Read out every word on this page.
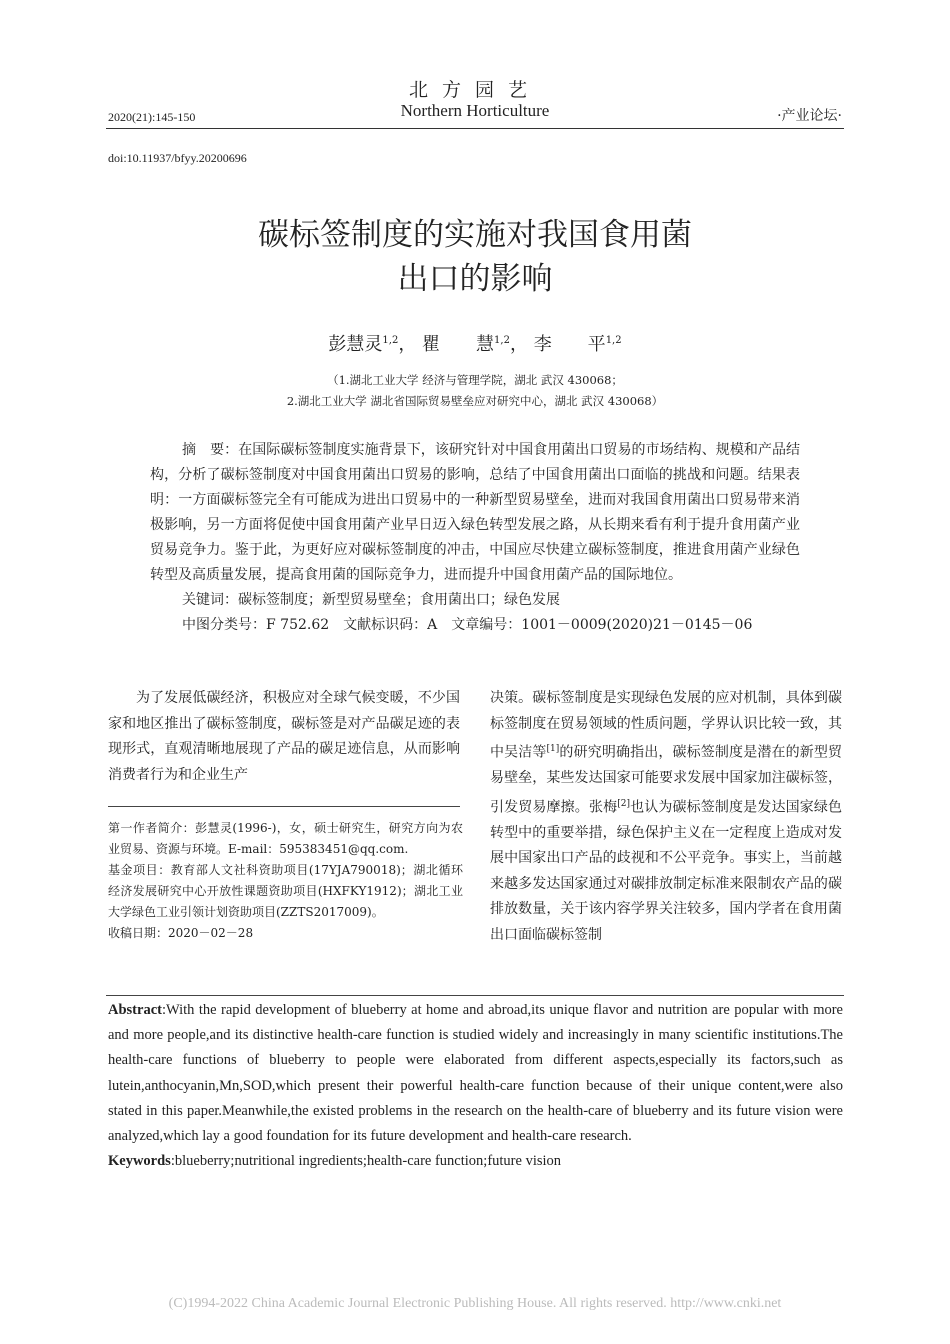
北方园艺
Northern Horticulture
2020(21):145-150	·产业论坛·
doi:10.11937/bfyy.20200696
碳标签制度的实施对我国食用菌
出口的影响
彭慧灵$^{1,2}$， 瞿　　慧$^{1,2}$， 李　　平$^{1,2}$
（1.湖北工业大学 经济与管理学院，湖北 武汉 430068；
2.湖北工业大学 湖北省国际贸易壁垒应对研究中心，湖北 武汉 430068）

摘　要：在国际碳标签制度实施背景下，该研究针对中国食用菌出口贸易的市场结构、规模和产品结构，分析了碳标签制度对中国食用菌出口贸易的影响，总结了中国食用菌出口面临的挑战和问题。结果表明：一方面碳标签完全有可能成为进出口贸易中的一种新型贸易壁垒，进而对我国食用菌出口贸易带来消极影响，另一方面将促使中国食用菌产业早日迈入绿色转型发展之路，从长期来看有利于提升食用菌产业贸易竞争力。鉴于此，为更好应对碳标签制度的冲击，中国应尽快建立碳标签制度，推进食用菌产业绿色转型及高质量发展，提高食用菌的国际竞争力，进而提升中国食用菌产品的国际地位。

关键词：碳标签制度；新型贸易壁垒；食用菌出口；绿色发展

中图分类号：F 752.62　 文献标识码：A　 文章编号：1001－0009(2020)21－0145－06

为了发展低碳经济，积极应对全球气候变暖，不少国家和地区推出了碳标签制度，碳标签是对产品碳足迹的表现形式，直观清晰地展现了产品的碳足迹信息，从而影响消费者行为和企业生产

第一作者简介：彭慧灵(1996-)，女，硕士研究生，研究方向为农业贸易、资源与环境。E-mail：595383451@qq.com.

基金项目：教育部人文社科资助项目(17YJA790018)；湖北循环经济发展研究中心开放性课题资助项目(HXFKY1912)；湖北工业大学绿色工业引领计划资助项目(ZZTS2017009)。

收稿日期：2020－02－28

决策。碳标签制度是实现绿色发展的应对机制，具体到碳标签制度在贸易领域的性质问题，学界认识比较一致，其中吴洁等[1]的研究明确指出，碳标签制度是潜在的新型贸易壁垒，某些发达国家可能要求发展中国家加注碳标签，引发贸易摩擦。张梅[2]也认为碳标签制度是发达国家绿色转型中的重要举措，绿色保护主义在一定程度上造成对发展中国家出口产品的歧视和不公平竞争。事实上，当前越来越多发达国家通过对碳排放制定标准来限制农产品的碳排放数量，关于该内容学界关注较多，国内学者在食用菌出口面临碳标签制

Abstract:With the rapid development of blueberry at home and abroad,its unique flavor and nutrition are popular with more and more people,and its distinctive health-care function is studied widely and increasingly in many scientific institutions.The health-care functions of blueberry to people were elaborated from different aspects,especially its factors,such as lutein,anthocyanin,Mn,SOD,which present their powerful health-care function because of their unique content,were also stated in this paper.Meanwhile,the existed problems in the research on the health-care of blueberry and its future vision were analyzed,which lay a good foundation for its future development and health-care research.

Keywords:blueberry;nutritional ingredients;health-care function;future vision

(C)1994-2022 China Academic Journal Electronic Publishing House. All rights reserved. http://www.cnki.net
